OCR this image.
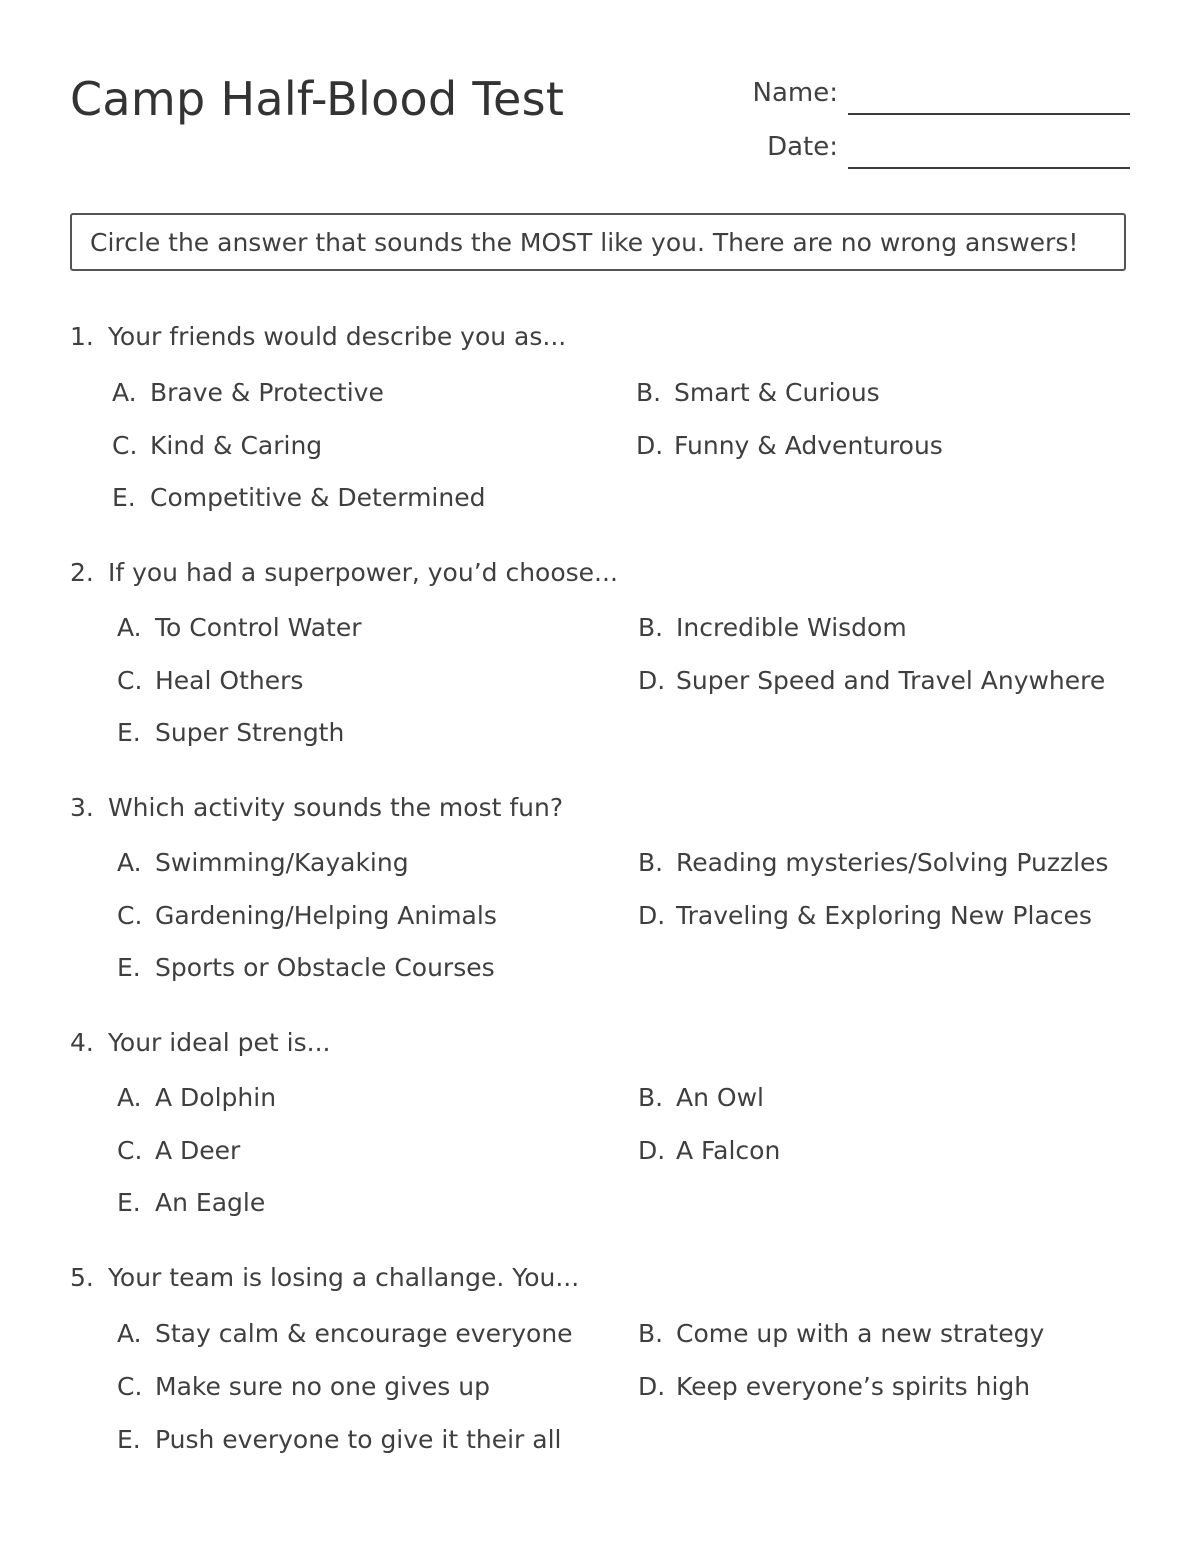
Camp Half-Blood Test	Name:
Date:
Circle the answer that sounds the MOST like you. There are no wrong answers!
1. Your friends would describe you as...
A. Brave & Protective	B. Smart & Curious
C. Kind & Caring	D. Funny & Adventurous
E. Competitive & Determined
2. If you had a superpower, you’d choose...
A. To Control Water	B. Incredible Wisdom
C. Heal Others	D. Super Speed and Travel Anywhere
E. Super Strength
3. Which activity sounds the most fun?
A. Swimming/Kayaking	B. Reading mysteries/Solving Puzzles
C. Gardening/Helping Animals	D. Traveling & Exploring New Places
E. Sports or Obstacle Courses
4. Your ideal pet is...
A. A Dolphin	B. An Owl
C. A Deer	D. A Falcon
E. An Eagle
5. Your team is losing a challange. You...
A. Stay calm & encourage everyone	B. Come up with a new strategy
C. Make sure no one gives up	D. Keep everyone’s spirits high
E. Push everyone to give it their all
